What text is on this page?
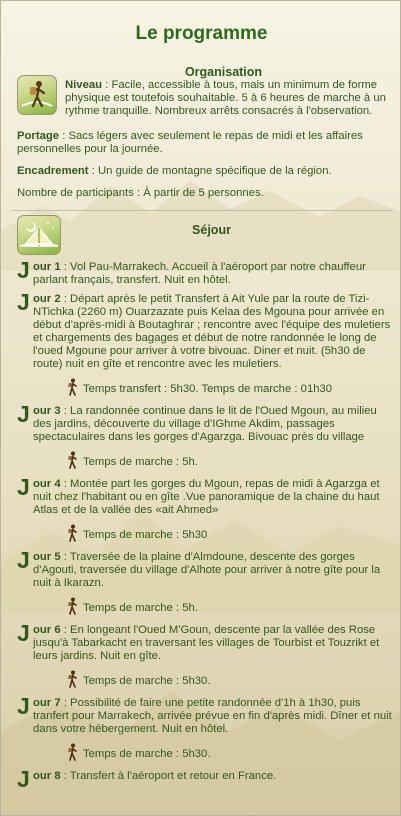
Le programme
Organisation

Niveau : Facile, accessible à tous, mais un minimum de forme physique est toutefois souhaitable. 5 à 6 heures de marche à un rythme tranquille. Nombreux arrêts consacrés à l'observation.

Portage : Sacs légers avec seulement le repas de midi et les affaires personnelles pour la journée.

Encadrement : Un guide de montagne spécifique de la région.

Nombre de participants : À partir de 5 personnes.

Séjour
J our 1 : Vol Pau-Marrakech. Accueil à l'aéroport par notre chauffeur parlant français, transfert. Nuit en hôtel.

J our 2 : Départ après le petit Transfert à Ait Yule par la route de Tizi-NTichka (2260 m) Ouarzazate puis Kelaa des Mgouna pour arrivée en début d'après-midi à Boutaghrar ; rencontre avec l'équipe des muletiers et chargements des bagages et début de notre randonnée le long de l'oued Mgoune pour arriver à votre bivouac. Diner et nuit. (5h30 de route) nuit en gîte et rencontre avec les muletiers.

Temps transfert : 5h30. Temps de marche : 01h30
J our 3 : La randonnée continue dans le lit de l'Oued Mgoun, au milieu des jardins, découverte du village d'IGhme Akdim, passages spectaculaires dans les gorges d'Agarzga. Bivouac près du village

Temps de marche : 5h.
J our 4 : Montée part les gorges du Mgoun, repas de midi à Agarzga et nuit chez l'habitant ou en gîte .Vue panoramique de la chaine du haut Atlas et de la vallée des «ait Ahmed»

Temps de marche : 5h30
J our 5 : Traversée de la plaine d'Almdoune, descente des gorges d'Agouti, traversée du village d'Alhote pour arriver à notre gîte pour la nuit à Ikarazn.

Temps de marche : 5h.
J our 6 : En longeant l'Oued M'Goun, descente par la vallée des Rose jusqu'à Tabarkacht en traversant les villages de Tourbist et Touzrikt et leurs jardins. Nuit en gîte.

Temps de marche : 5h30.
J our 7 : Possibilité de faire une petite randonnée d'1h à 1h30, puis tranfert pour Marrakech, arrivée prévue en fin d'après midi. Dîner et nuit dans votre hébergement. Nuit en hôtel.

Temps de marche : 5h30.
J our 8 : Transfert à l'aéroport et retour en France.
